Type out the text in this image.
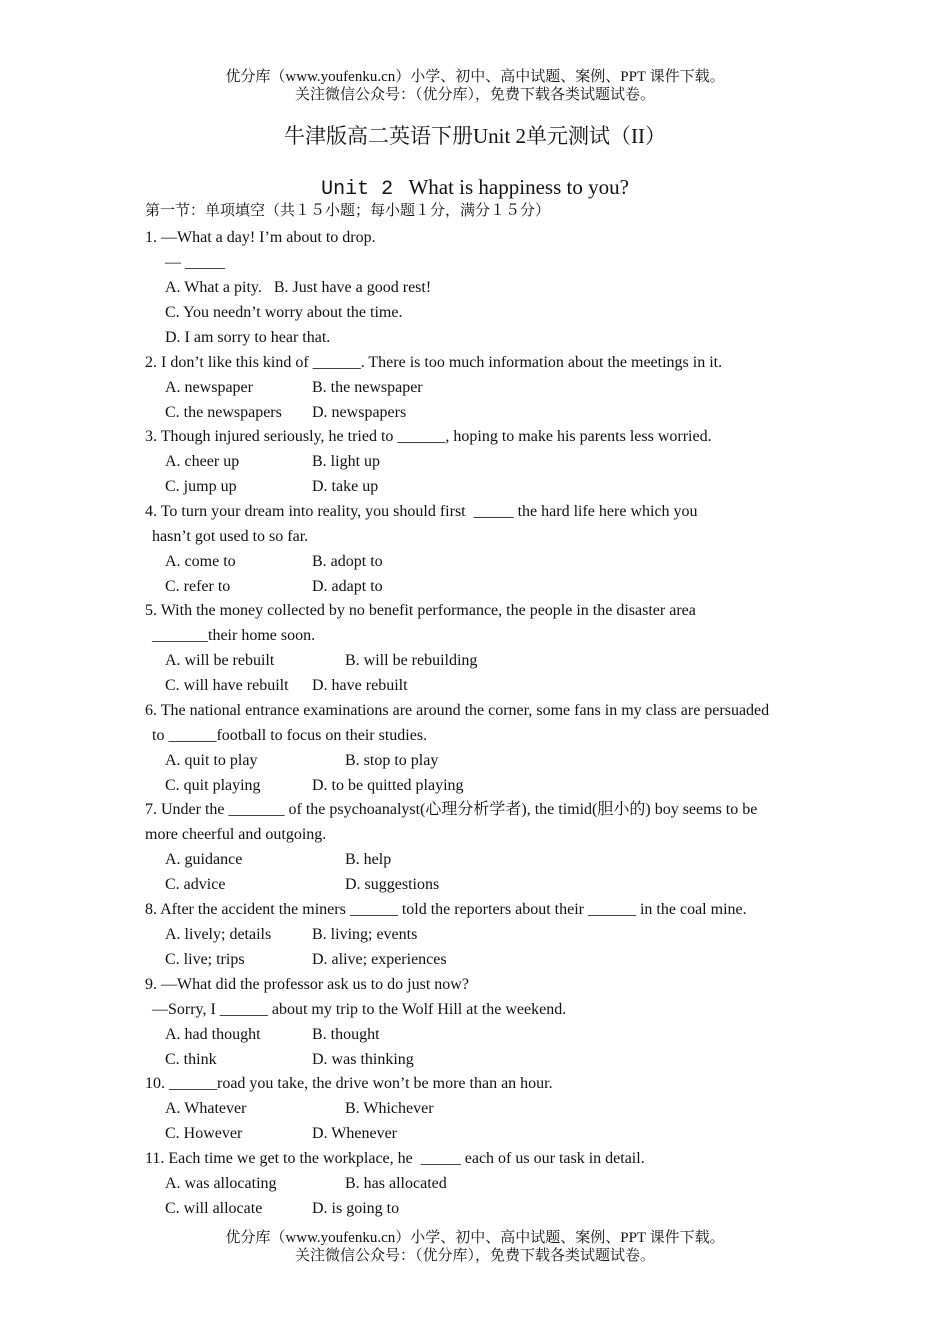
优分库（www.youfenku.cn）小学、初中、高中试题、案例、PPT 课件下载。
关注微信公众号：（优分库），免费下载各类试题试卷。
牛津版高二英语下册Unit 2单元测试（II）
Unit 2 What is happiness to you?
第一节：单项填空（共１５小题；每小题１分，满分１５分）
1. —What a day! I’m about to drop.
— _____
A. What a pity.   B. Just have a good rest!
C. You needn’t worry about the time.
D. I am sorry to hear that.
2. I don’t like this kind of ______. There is too much information about the meetings in it.
A. newspaper	B. the newspaper
C. the newspapers D. newspapers
3. Though injured seriously, he tried to ______, hoping to make his parents less worried.
A. cheer up	B. light up
C. jump up	D. take up
4. To turn your dream into reality, you should first  _____ the hard life here which you
hasn’t got used to so far.
A. come to	B. adopt to
C. refer to	D. adapt to
5. With the money collected by no benefit performance, the people in the disaster area
_______their home soon.
A. will be rebuilt	B. will be rebuilding
C. will have rebuilt D. have rebuilt
6. The national entrance examinations are around the corner, some fans in my class are persuaded
to ______football to focus on their studies.
A. quit to play	B. stop to play
C. quit playing	D. to be quitted playing
7. Under the _______ of the psychoanalyst(心理分析学者), the timid(胆小的) boy seems to be
more cheerful and outgoing.
A. guidance	B. help
C. advice	D. suggestions
8. After the accident the miners ______ told the reporters about their ______ in the coal mine.
A. lively; details	B. living; events
C. live; trips	D. alive; experiences
9. —What did the professor ask us to do just now?
—Sorry, I ______ about my trip to the Wolf Hill at the weekend.
A. had thought	B. thought
C. think	D. was thinking
10. ______road you take, the drive won’t be more than an hour.
A. Whatever	B. Whichever
C. However	D. Whenever
11. Each time we get to the workplace, he  _____ each of us our task in detail.
A. was allocating	B. has allocated
C. will allocate	D. is going to
优分库（www.youfenku.cn）小学、初中、高中试题、案例、PPT 课件下载。
关注微信公众号：（优分库），免费下载各类试题试卷。
